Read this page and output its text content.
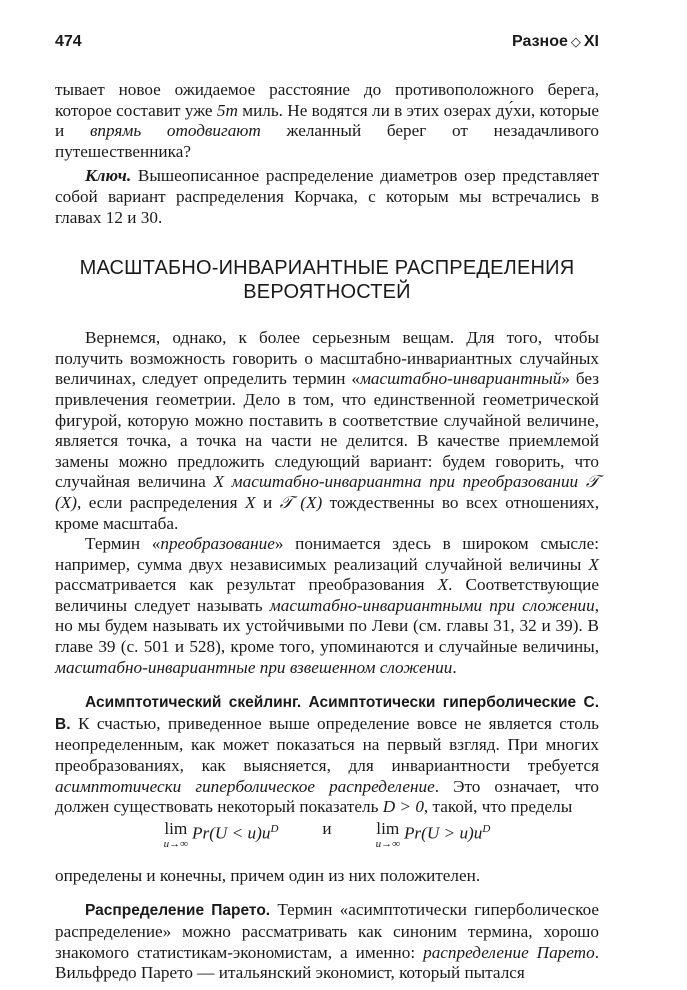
474	Разное ◇ XI

тывает новое ожидаемое расстояние до противоположного берега, которое составит уже 5m миль. Не водятся ли в этих озерах ду́хи, которые и впрямь отодвигают желанный берег от незадачливого путешественника?

Ключ. Вышеописанное распределение диаметров озер представляет собой вариант распределения Корчака, с которым мы встречались в главах 12 и 30.

МАСШТАБНО-ИНВАРИАНТНЫЕ РАСПРЕДЕЛЕНИЯ
ВЕРОЯТНОСТЕЙ

Вернемся, однако, к более серьезным вещам. Для того, чтобы получить возможность говорить о масштабно-инвариантных случайных величинах, следует определить термин «масштабно-инвариантный» без привлечения геометрии. Дело в том, что единственной геометрической фигурой, которую можно поставить в соответствие случайной величине, является точка, а точка на части не делится. В качестве приемлемой замены можно предложить следующий вариант: будем говорить, что случайная величина X масштабно-инвариантна при преобразовании 𝒯 (X), если распределения X и 𝒯 (X) тождественны во всех отношениях, кроме масштаба.

Термин «преобразование» понимается здесь в широком смысле: например, сумма двух независимых реализаций случайной величины X рассматривается как результат преобразования X. Соответствующие величины следует называть масштабно-инвариантными при сложении, но мы будем называть их устойчивыми по Леви (см. главы 31, 32 и 39). В главе 39 (с. 501 и 528), кроме того, упоминаются и случайные величины, масштабно-инвариантные при взвешенном сложении.

Асимптотический скейлинг. Асимптотически гиперболические С. В. К счастью, приведенное выше определение вовсе не является столь неопределенным, как может показаться на первый взгляд. При многих преобразованиях, как выясняется, для инвариантности требуется асимптотически гиперболическое распределение. Это означает, что должен существовать некоторый показатель D > 0, такой, что пределы

lim
u→∞
$Pr(U < u)u^D$	и	lim
u→∞
$Pr(U > u)u^D$

определены и конечны, причем один из них положителен.

Распределение Парето. Термин «асимптотически гиперболическое распределение» можно рассматривать как синоним термина, хорошо знакомого статистикам-экономистам, а именно: распределение Парето. Вильфредо Парето — итальянский экономист, который пытался
